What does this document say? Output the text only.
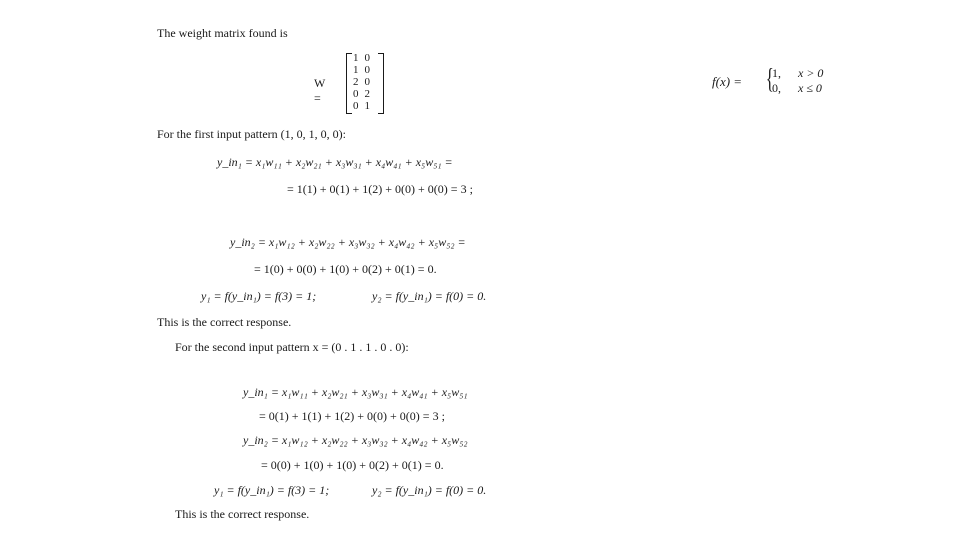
The weight matrix found is
W =
1	0
1	0
2	0
0	2
0	1
f(x) = {
1, x > 0
0, x ≤ 0
For the first input pattern (1, 0, 1, 0, 0):
y_in₁ = x₁w₁₁ + x₂w₂₁ + x₃w₃₁ + x₄w₄₁ + x₅w₅₁ =
= 1(1) + 0(1) + 1(2) + 0(0) + 0(0) = 3 ;
y_in₂ = x₁w₁₂ + x₂w₂₂ + x₃w₃₂ + x₄w₄₂ + x₅w₅₂ =
= 1(0) + 0(0) + 1(0) + 0(2) + 0(1) = 0.
y₁ = f(y_in₁) = f(3) = 1;	y₂ = f(y_in₁) = f(0) = 0.
This is the correct response.
For the second input pattern x = (0 . 1 . 1 . 0 . 0):
y_in₁ = x₁w₁₁ + x₂w₂₁ + x₃w₃₁ + x₄w₄₁ + x₅w₅₁
= 0(1) + 1(1) + 1(2) + 0(0) + 0(0) = 3 ;
y_in₂ = x₁w₁₂ + x₂w₂₂ + x₃w₃₂ + x₄w₄₂ + x₅w₅₂
= 0(0) + 1(0) + 1(0) + 0(2) + 0(1) = 0.
y₁ = f(y_in₁) = f(3) = 1;	y₂ = f(y_in₁) = f(0) = 0.
This is the correct response.
